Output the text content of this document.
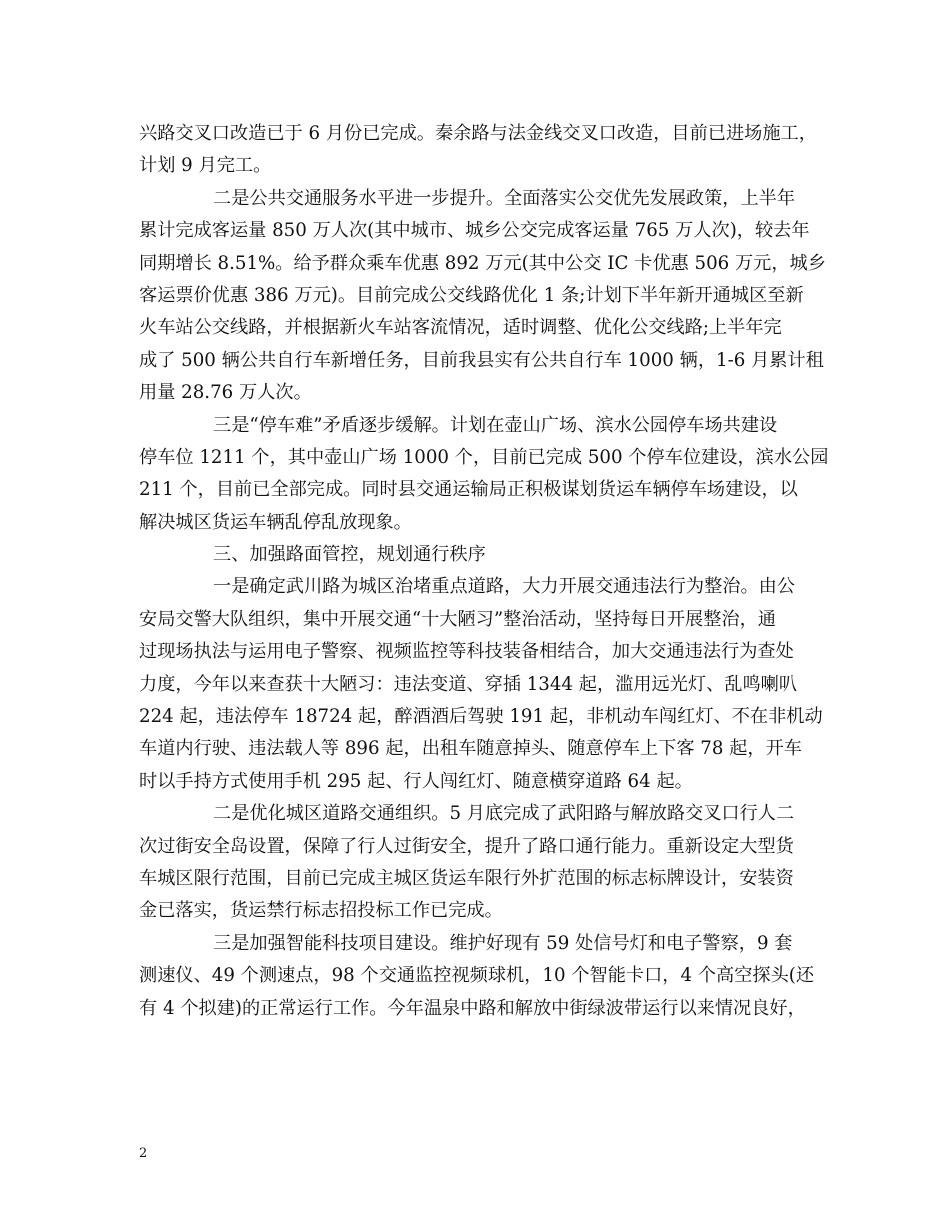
兴路交叉口改造已于 6 月份已完成。秦余路与法金线交叉口改造，目前已进场施工，
计划 9 月完工。
二是公共交通服务水平进一步提升。全面落实公交优先发展政策，上半年
累计完成客运量 850 万人次(其中城市、城乡公交完成客运量 765 万人次)，较去年
同期增长 8.51%。给予群众乘车优惠 892 万元(其中公交 IC 卡优惠 506 万元，城乡
客运票价优惠 386 万元)。目前完成公交线路优化 1 条;计划下半年新开通城区至新
火车站公交线路，并根据新火车站客流情况，适时调整、优化公交线路;上半年完
成了 500 辆公共自行车新增任务，目前我县实有公共自行车 1000 辆，1-6 月累计租
用量 28.76 万人次。
三是“停车难”矛盾逐步缓解。计划在壶山广场、滨水公园停车场共建设
停车位 1211 个，其中壶山广场 1000 个，目前已完成 500 个停车位建设，滨水公园
211 个，目前已全部完成。同时县交通运输局正积极谋划货运车辆停车场建设，以
解决城区货运车辆乱停乱放现象。
三、加强路面管控，规划通行秩序
一是确定武川路为城区治堵重点道路，大力开展交通违法行为整治。由公
安局交警大队组织，集中开展交通“十大陋习”整治活动，坚持每日开展整治，通
过现场执法与运用电子警察、视频监控等科技装备相结合，加大交通违法行为查处
力度，今年以来查获十大陋习：违法变道、穿插 1344 起，滥用远光灯、乱鸣喇叭
224 起，违法停车 18724 起，醉酒酒后驾驶 191 起，非机动车闯红灯、不在非机动
车道内行驶、违法载人等 896 起，出租车随意掉头、随意停车上下客 78 起，开车
时以手持方式使用手机 295 起、行人闯红灯、随意横穿道路 64 起。
二是优化城区道路交通组织。5 月底完成了武阳路与解放路交叉口行人二
次过街安全岛设置，保障了行人过街安全，提升了路口通行能力。重新设定大型货
车城区限行范围，目前已完成主城区货运车限行外扩范围的标志标牌设计，安装资
金已落实，货运禁行标志招投标工作已完成。
三是加强智能科技项目建设。维护好现有 59 处信号灯和电子警察，9 套
测速仪、49 个测速点，98 个交通监控视频球机，10 个智能卡口，4 个高空探头(还
有 4 个拟建)的正常运行工作。今年温泉中路和解放中街绿波带运行以来情况良好，
2
